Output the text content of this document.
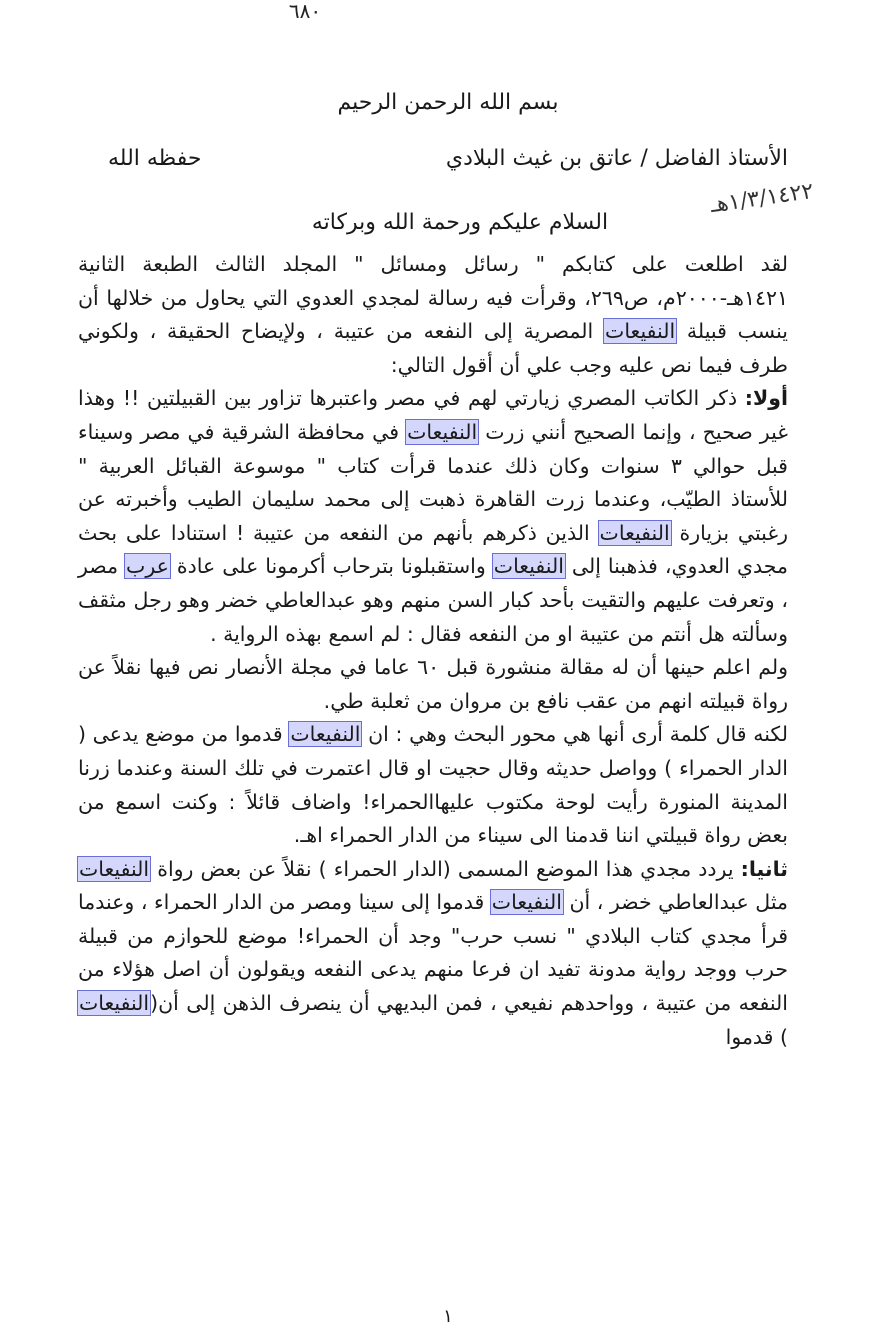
٦٨٠
بسم الله الرحمن الرحيم
الأستاذ الفاضل / عاتق بن غيث البلادي
حفظه الله
١/٣/١٤٢٢هـ
السلام عليكم ورحمة الله وبركاته

لقد اطلعت على كتابكم " رسائل ومسائل " المجلد الثالث الطبعة الثانية ١٤٢١هـ-٢٠٠٠م، ص٢٦٩، وقرأت فيه رسالة لمجدي العدوي التي يحاول من خلالها أن ينسب قبيلة النفيعات المصرية إلى النفعه من عتيبة ، ولإيضاح الحقيقة ، ولكوني طرف فيما نص عليه وجب علي أن أقول التالي:

أولا: ذكر الكاتب المصري زيارتي لهم في مصر واعتبرها تزاور بين القبيلتين !! وهذا غير صحيح ، وإنما الصحيح أنني زرت النفيعات في محافظة الشرقية في مصر وسيناء قبل حوالي ٣ سنوات وكان ذلك عندما قرأت كتاب " موسوعة القبائل العربية " للأستاذ الطيّب، وعندما زرت القاهرة ذهبت إلى محمد سليمان الطيب وأخبرته عن رغبتي بزيارة النفيعات الذين ذكرهم بأنهم من النفعه من عتيبة ! استنادا على بحث مجدي العدوي، فذهبنا إلى النفيعات واستقبلونا بترحاب أكرمونا على عادة عرب مصر ، وتعرفت عليهم والتقيت بأحد كبار السن منهم وهو عبدالعاطي خضر وهو رجل مثقف وسألته هل أنتم من عتيبة او من النفعه فقال : لم اسمع بهذه الرواية .

ولم اعلم حينها أن له مقالة منشورة قبل ٦٠ عاما في مجلة الأنصار نص فيها نقلاً عن رواة قبيلته انهم من عقب نافع بن مروان من ثعلبة طي.

لكنه قال كلمة أرى أنها هي محور البحث وهي : ان النفيعات قدموا من موضع يدعى ( الدار الحمراء ) وواصل حديثه وقال حجيت او قال اعتمرت في تلك السنة وعندما زرنا المدينة المنورة رأيت لوحة مكتوب عليهاالحمراء! واضاف قائلاً : وكنت اسمع من بعض رواة قبيلتي اننا قدمنا الى سيناء من الدار الحمراء اهـ.

ثانيا: يردد مجدي هذا الموضع المسمى (الدار الحمراء ) نقلاً عن بعض رواة النفيعات مثل عبدالعاطي خضر ، أن النفيعات قدموا إلى سينا ومصر من الدار الحمراء ، وعندما قرأ مجدي كتاب البلادي " نسب حرب" وجد أن الحمراء! موضع للحوازم من قبيلة حرب ووجد رواية مدونة تفيد ان فرعا منهم يدعى النفعه ويقولون أن اصل هؤلاء من النفعه من عتيبة ، وواحدهم نفيعي ، فمن البديهي أن ينصرف الذهن إلى أن(النفيعات ) قدموا

١
